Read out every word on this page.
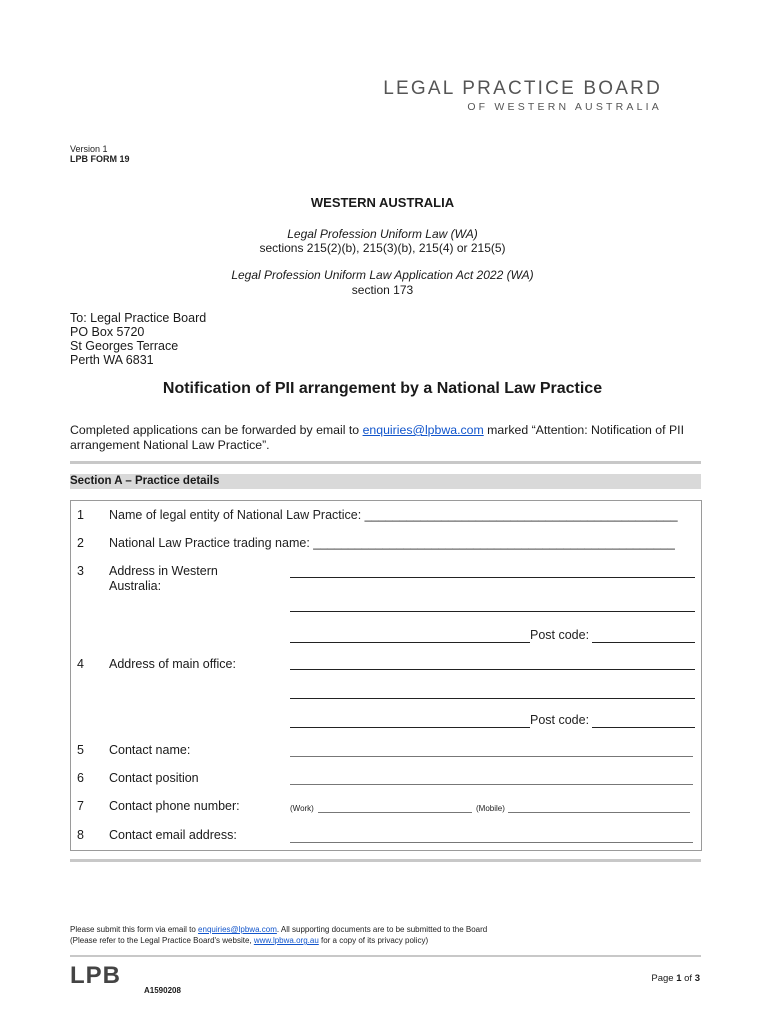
LEGAL PRACTICE BOARD
OF WESTERN AUSTRALIA
Version 1
LPB FORM 19
WESTERN AUSTRALIA
Legal Profession Uniform Law (WA)
sections 215(2)(b), 215(3)(b), 215(4) or 215(5)
Legal Profession Uniform Law Application Act 2022 (WA)
section 173
To: Legal Practice Board
PO Box 5720
St Georges Terrace
Perth WA 6831
Notification of PII arrangement by a National Law Practice
Completed applications can be forwarded by email to enquiries@lpbwa.com marked “Attention: Notification of PII arrangement National Law Practice”.
Section A – Practice details
1 Name of legal entity of National Law Practice: _____________________________________________
2 National Law Practice trading name: ____________________________________________________
3 Address in Western Australia:
Post code:
4 Address of main office:
Post code:
5 Contact name:
6 Contact position
7 Contact phone number:	(Work)	(Mobile)
8 Contact email address:
Please submit this form via email to enquiries@lpbwa.com. All supporting documents are to be submitted to the Board
(Please refer to the Legal Practice Board's website, www.lpbwa.org.au for a copy of its privacy policy)
LPB
A1590208
Page 1 of 3
